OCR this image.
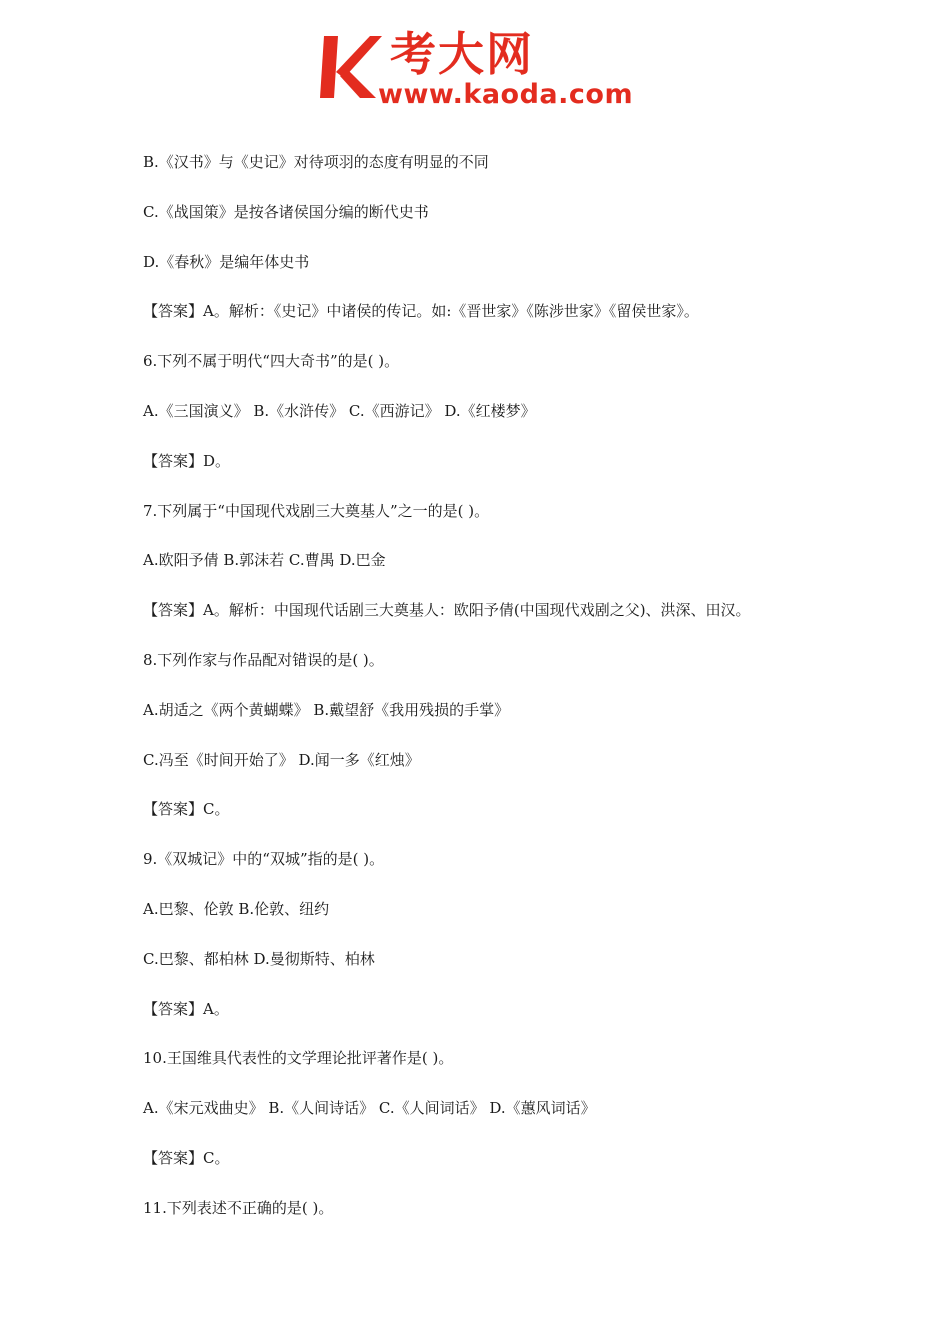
考大网
www.kaoda.com
B.《汉书》与《史记》对待项羽的态度有明显的不同
C.《战国策》是按各诸侯国分编的断代史书
D.《春秋》是编年体史书
【答案】A。解析：《史记》中诸侯的传记。如:《晋世家》《陈涉世家》《留侯世家》。
6.下列不属于明代“四大奇书”的是( )。
A.《三国演义》 B.《水浒传》 C.《西游记》 D.《红楼梦》
【答案】D。
7.下列属于“中国现代戏剧三大奠基人”之一的是( )。
A.欧阳予倩 B.郭沫若 C.曹禺 D.巴金
【答案】A。解析：中国现代话剧三大奠基人：欧阳予倩(中国现代戏剧之父)、洪深、田汉。
8.下列作家与作品配对错误的是( )。
A.胡适之《两个黄蝴蝶》 B.戴望舒《我用残损的手掌》
C.冯至《时间开始了》 D.闻一多《红烛》
【答案】C。
9.《双城记》中的“双城”指的是( )。
A.巴黎、伦敦 B.伦敦、纽约
C.巴黎、都柏林 D.曼彻斯特、柏林
【答案】A。
10.王国维具代表性的文学理论批评著作是( )。
A.《宋元戏曲史》 B.《人间诗话》 C.《人间词话》 D.《蕙风词话》
【答案】C。
11.下列表述不正确的是( )。
